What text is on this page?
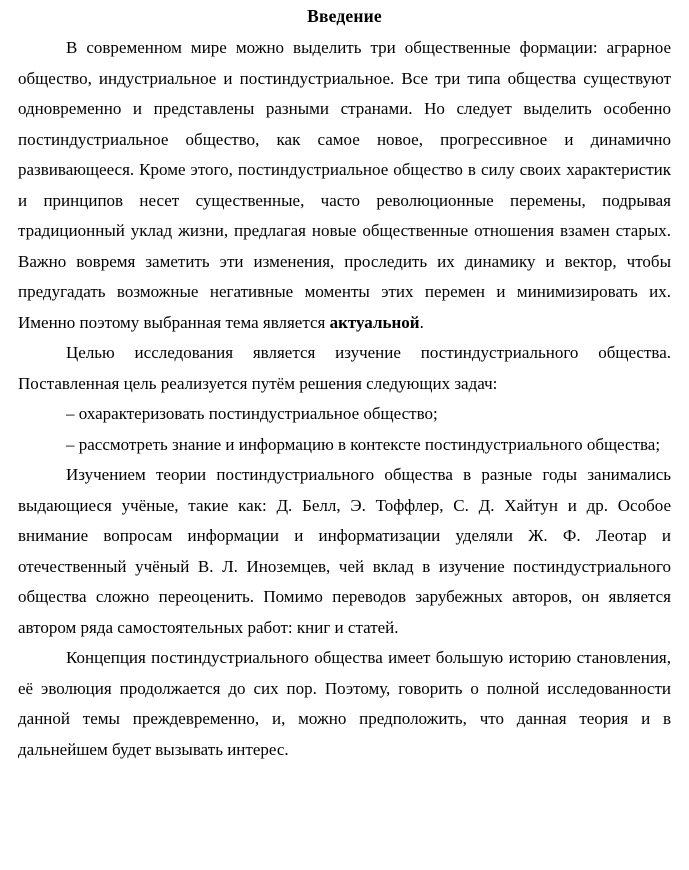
Введение

В современном мире можно выделить три общественные формации: аграрное общество, индустриальное и постиндустриальное. Все три типа общества существуют одновременно и представлены разными странами. Но следует выделить особенно постиндустриальное общество, как самое новое, прогрессивное и динамично развивающееся. Кроме этого, постиндустриальное общество в силу своих характеристик и принципов несет существенные, часто революционные перемены, подрывая традиционный уклад жизни, предлагая новые общественные отношения взамен старых. Важно вовремя заметить эти изменения, проследить их динамику и вектор, чтобы предугадать возможные негативные моменты этих перемен и минимизировать их. Именно поэтому выбранная тема является актуальной.

Целью исследования является изучение постиндустриального общества. Поставленная цель реализуется путём решения следующих задач:

– охарактеризовать постиндустриальное общество;

– рассмотреть знание и информацию в контексте постиндустриального общества;

Изучением теории постиндустриального общества в разные годы занимались выдающиеся учёные, такие как: Д. Белл, Э. Тоффлер, С. Д. Хайтун и др. Особое внимание вопросам информации и информатизации уделяли Ж. Ф. Леотар и отечественный учёный В. Л. Иноземцев, чей вклад в изучение постиндустриального общества сложно переоценить. Помимо переводов зарубежных авторов, он является автором ряда самостоятельных работ: книг и статей.

Концепция постиндустриального общества имеет большую историю становления, её эволюция продолжается до сих пор. Поэтому, говорить о полной исследованности данной темы преждевременно, и, можно предположить, что данная теория и в дальнейшем будет вызывать интерес.
